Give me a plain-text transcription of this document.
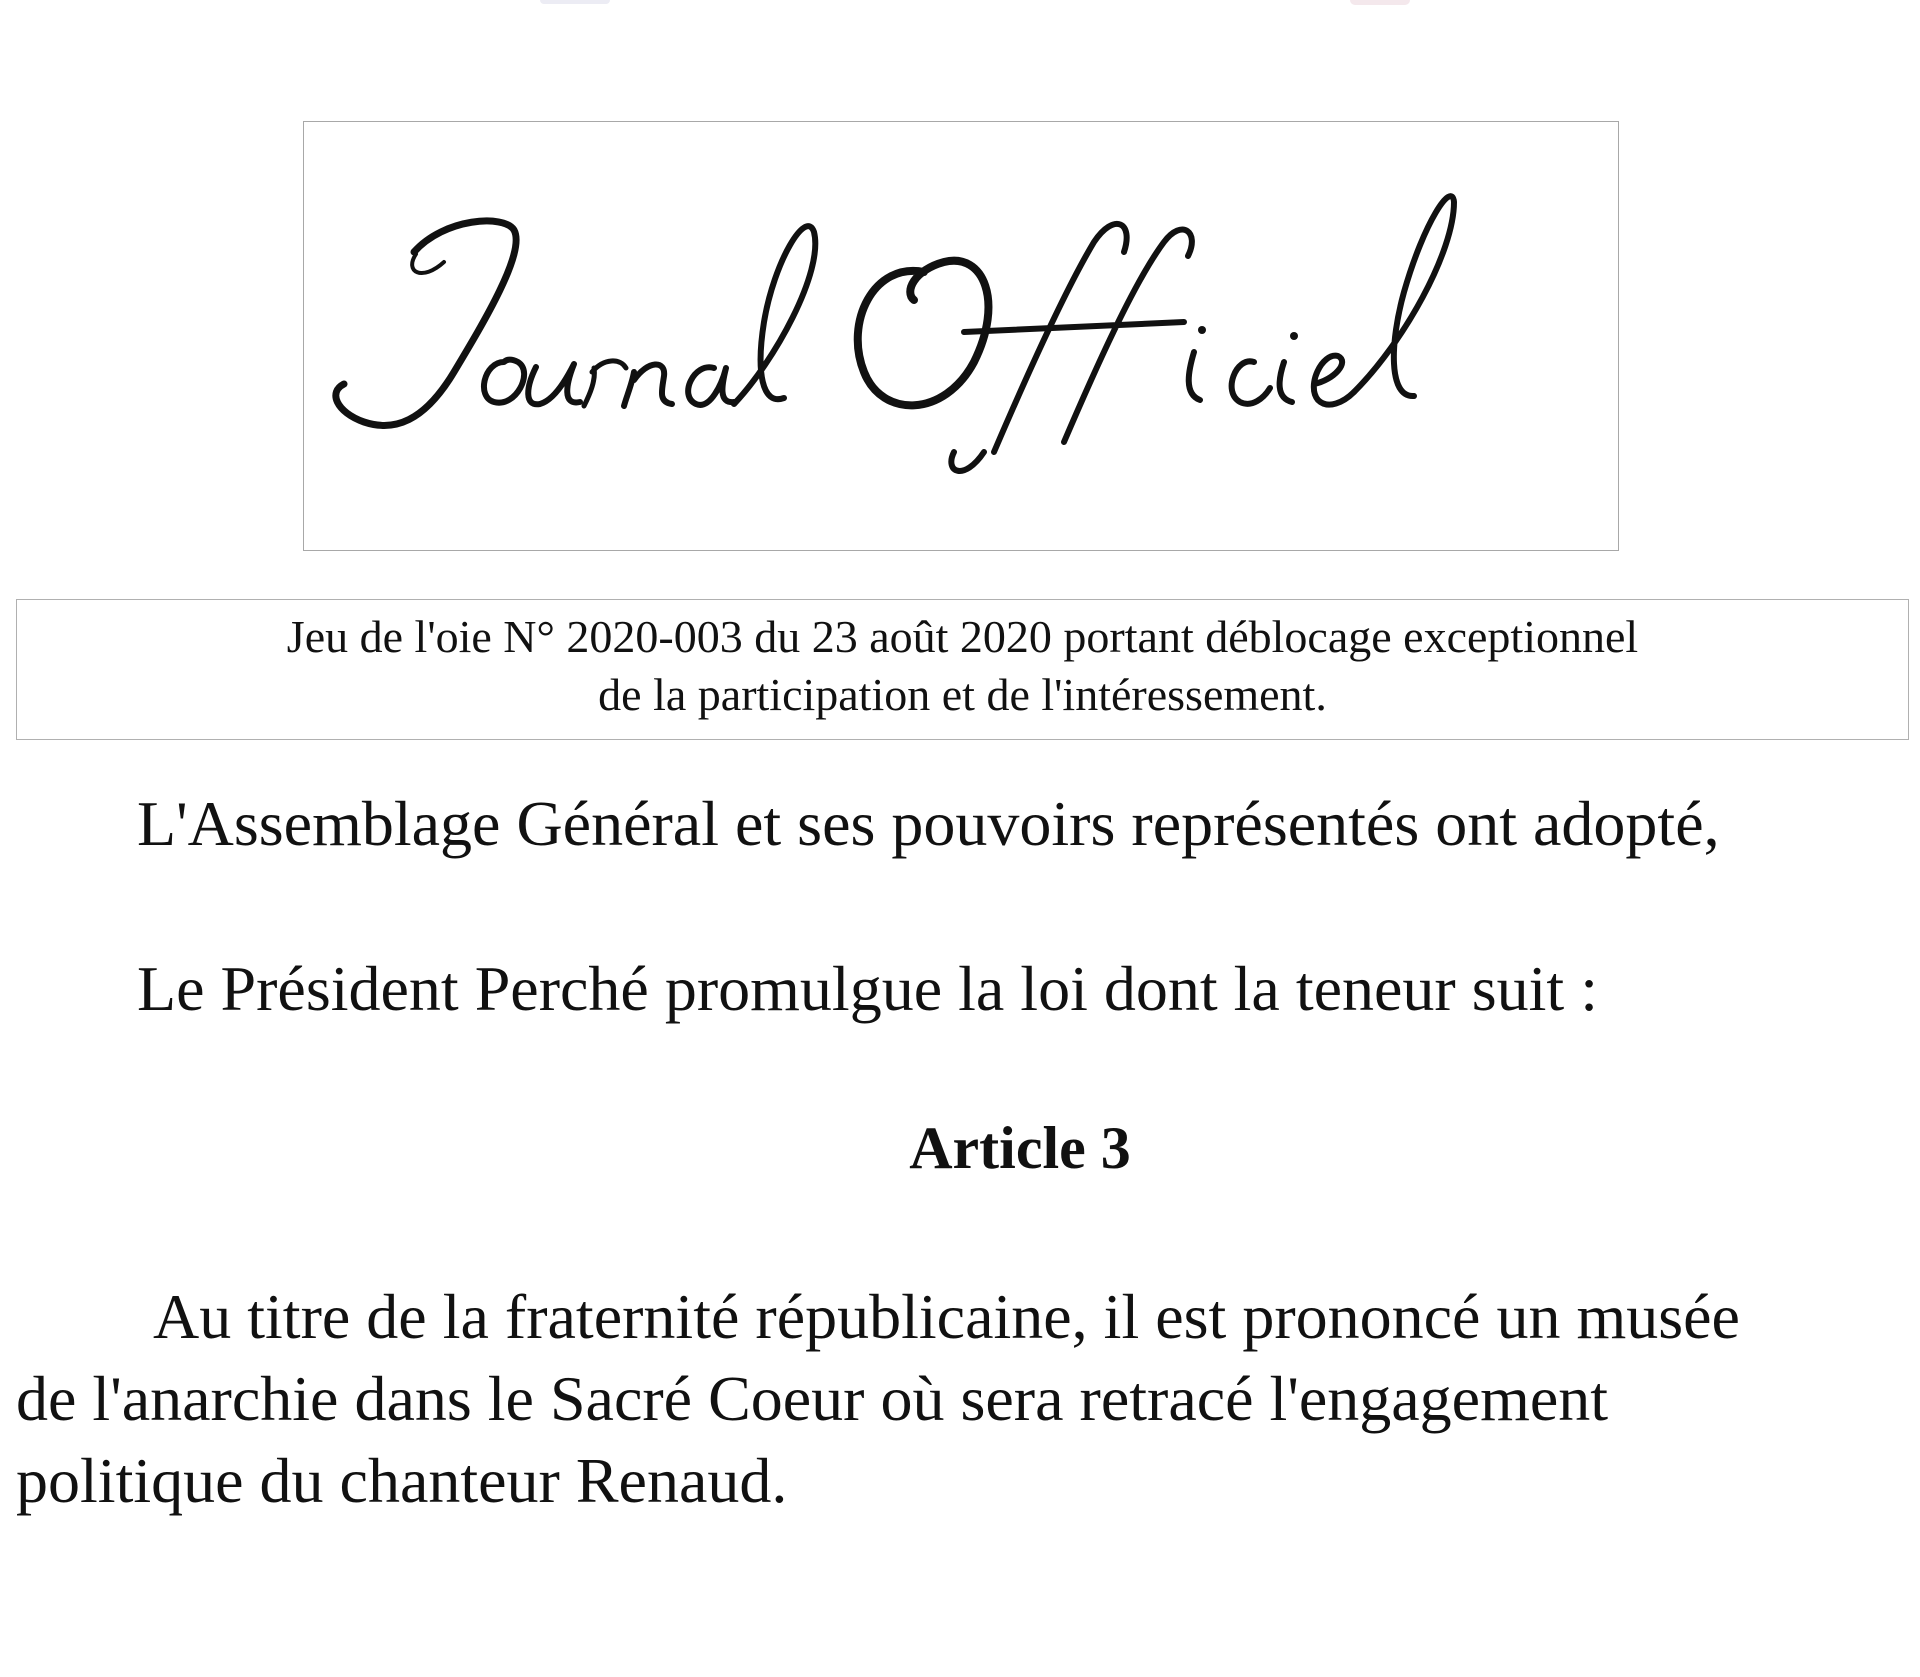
Jeu de l'oie N° 2020-003 du 23 août 2020 portant déblocage exceptionnel
de la participation et de l'intéressement.
L'Assemblage Général et ses pouvoirs représentés ont adopté,
Le Président Perché promulgue la loi dont la teneur suit :
Article 3
Au titre de la fraternité républicaine, il est prononcé un musée
de l'anarchie dans le Sacré Coeur où sera retracé l'engagement
politique du chanteur Renaud.
